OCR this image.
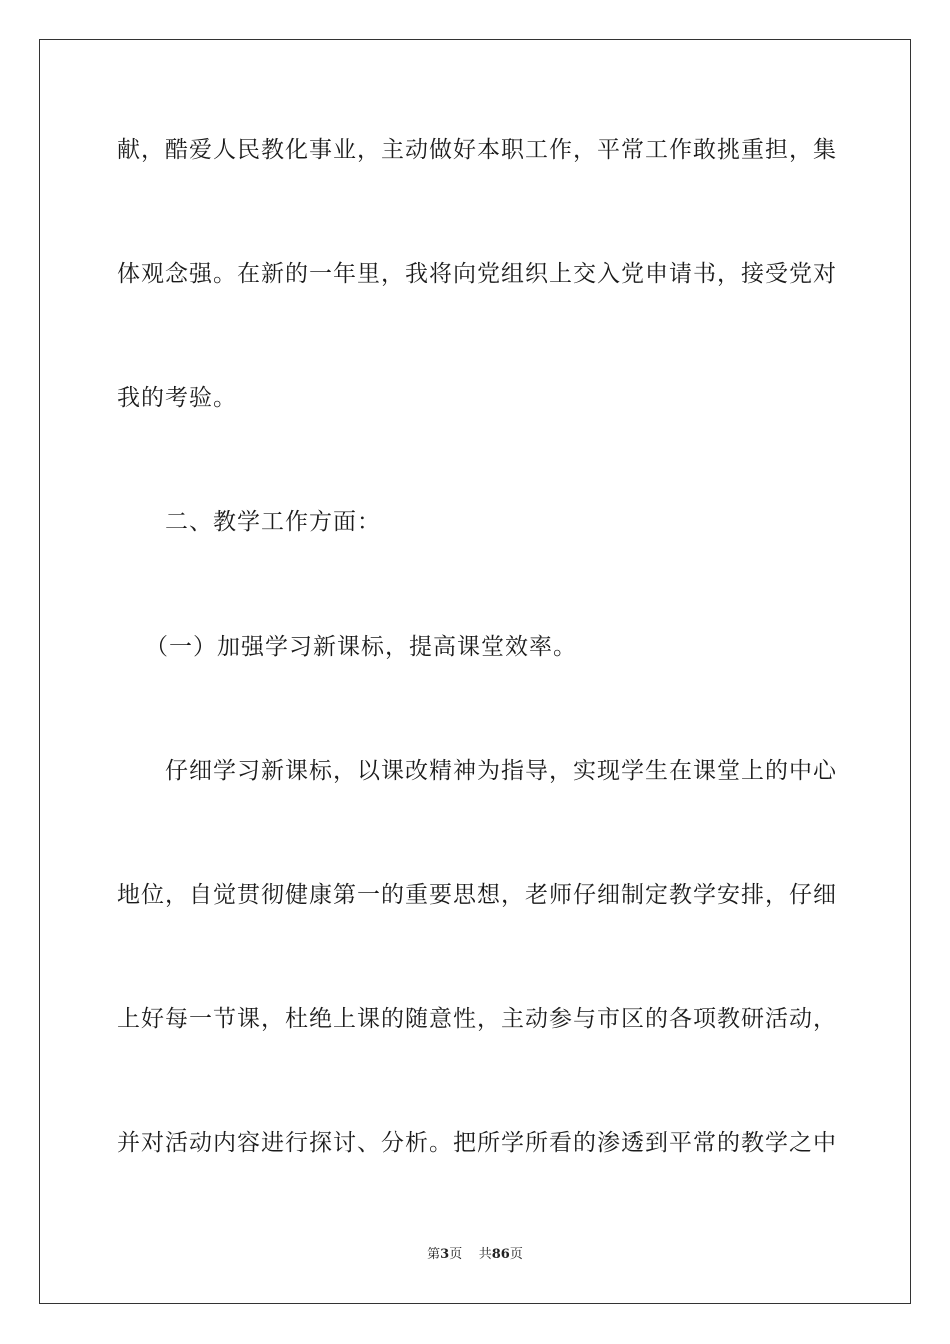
献，酷爱人民教化事业，主动做好本职工作，平常工作敢挑重担，集
体观念强。在新的一年里，我将向党组织上交入党申请书，接受党对
我的考验。
二、教学工作方面：
（一）加强学习新课标，提高课堂效率。
仔细学习新课标，以课改精神为指导，实现学生在课堂上的中心
地位，自觉贯彻健康第一的重要思想，老师仔细制定教学安排，仔细
上好每一节课，杜绝上课的随意性，主动参与市区的各项教研活动，
并对活动内容进行探讨、分析。把所学所看的渗透到平常的教学之中
第3页 共86页
